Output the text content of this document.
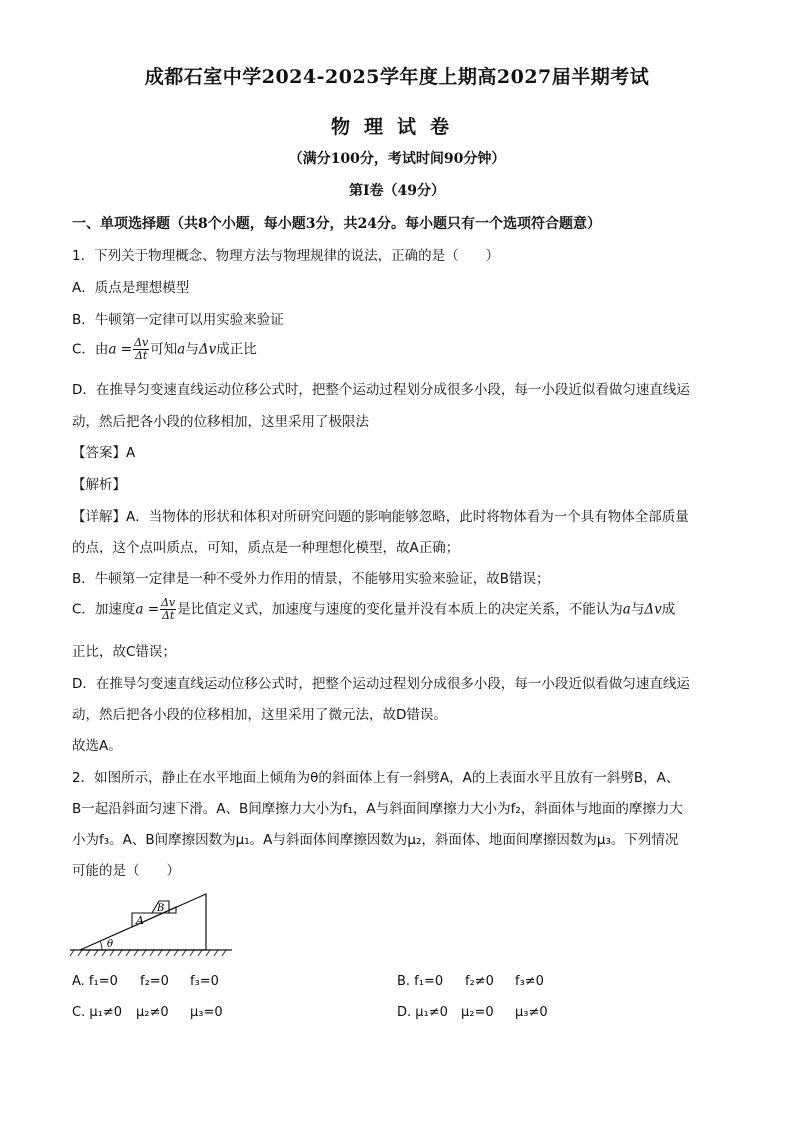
成都石室中学2024-2025学年度上期高2027届半期考试
物理试卷
（满分100分，考试时间90分钟）
第Ⅰ卷（49分）
一、单项选择题（共8个小题，每小题3分，共24分。每小题只有一个选项符合题意）
1．下列关于物理概念、物理方法与物理规律的说法，正确的是（　　）
A．质点是理想模型
B．牛顿第一定律可以用实验来验证
C．由$a = \frac{\Delta v}{\Delta t}$ 可知a与Δv成正比
D．在推导匀变速直线运动位移公式时，把整个运动过程划分成很多小段，每一小段近似看做匀速直线运
动，然后把各小段的位移相加，这里采用了极限法
【答案】A
【解析】
【详解】A．当物体的形状和体积对所研究问题的影响能够忽略，此时将物体看为一个具有物体全部质量
的点，这个点叫质点，可知，质点是一种理想化模型，故A正确；
B．牛顿第一定律是一种不受外力作用的情景，不能够用实验来验证，故B错误；
C．加速度$a = \frac{\Delta v}{\Delta t}$ 是比值定义式，加速度与速度的变化量并没有本质上的决定关系，不能认为a与Δv成
正比，故C错误；
D．在推导匀变速直线运动位移公式时，把整个运动过程划分成很多小段，每一小段近似看做匀速直线运
动，然后把各小段的位移相加，这里采用了微元法，故D错误。
故选A。
2．如图所示，静止在水平地面上倾角为θ的斜面体上有一斜劈A，A的上表面水平且放有一斜劈B，A、
B一起沿斜面匀速下滑。A、B间摩擦力大小为f₁，A与斜面间摩擦力大小为f₂，斜面体与地面的摩擦力大
小为f₃。A、B间摩擦因数为μ₁。A与斜面体间摩擦因数为μ₂，斜面体、地面间摩擦因数为μ₃。下列情况
可能的是（　　）
θ
A
B
A. f₁=0 f₂=0 f₃=0	B. f₁=0 f₂≠0 f₃≠0
C. μ₁≠0 μ₂≠0 μ₃=0	D. μ₁≠0 μ₂=0 μ₃≠0
